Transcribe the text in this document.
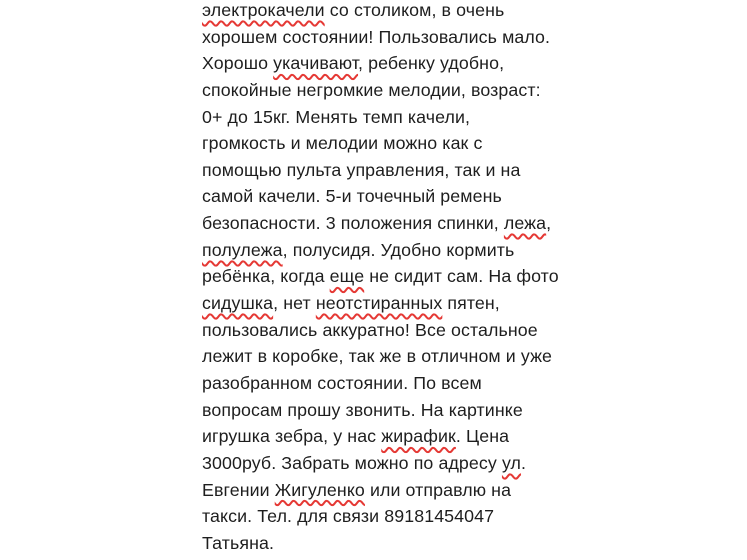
электрокачели со столиком, в очень
хорошем состоянии! Пользовались мало.
Хорошо укачивают, ребенку удобно,
спокойные негромкие мелодии, возраст:
0+ до 15кг. Менять темп качели,
громкость и мелодии можно как с
помощью пульта управления, так и на
самой качели. 5-и точечный ремень
безопасности. 3 положения спинки, лежа,
полулежа, полусидя. Удобно кормить
ребёнка, когда еще не сидит сам. На фото
сидушка, нет неотстиранных пятен,
пользовались аккуратно! Все остальное
лежит в коробке, так же в отличном и уже
разобранном состоянии. По всем
вопросам прошу звонить. На картинке
игрушка зебра, у нас жирафик. Цена
3000руб. Забрать можно по адресу ул.
Евгении Жигуленко или отправлю на
такси. Тел. для связи 89181454047
Татьяна.
